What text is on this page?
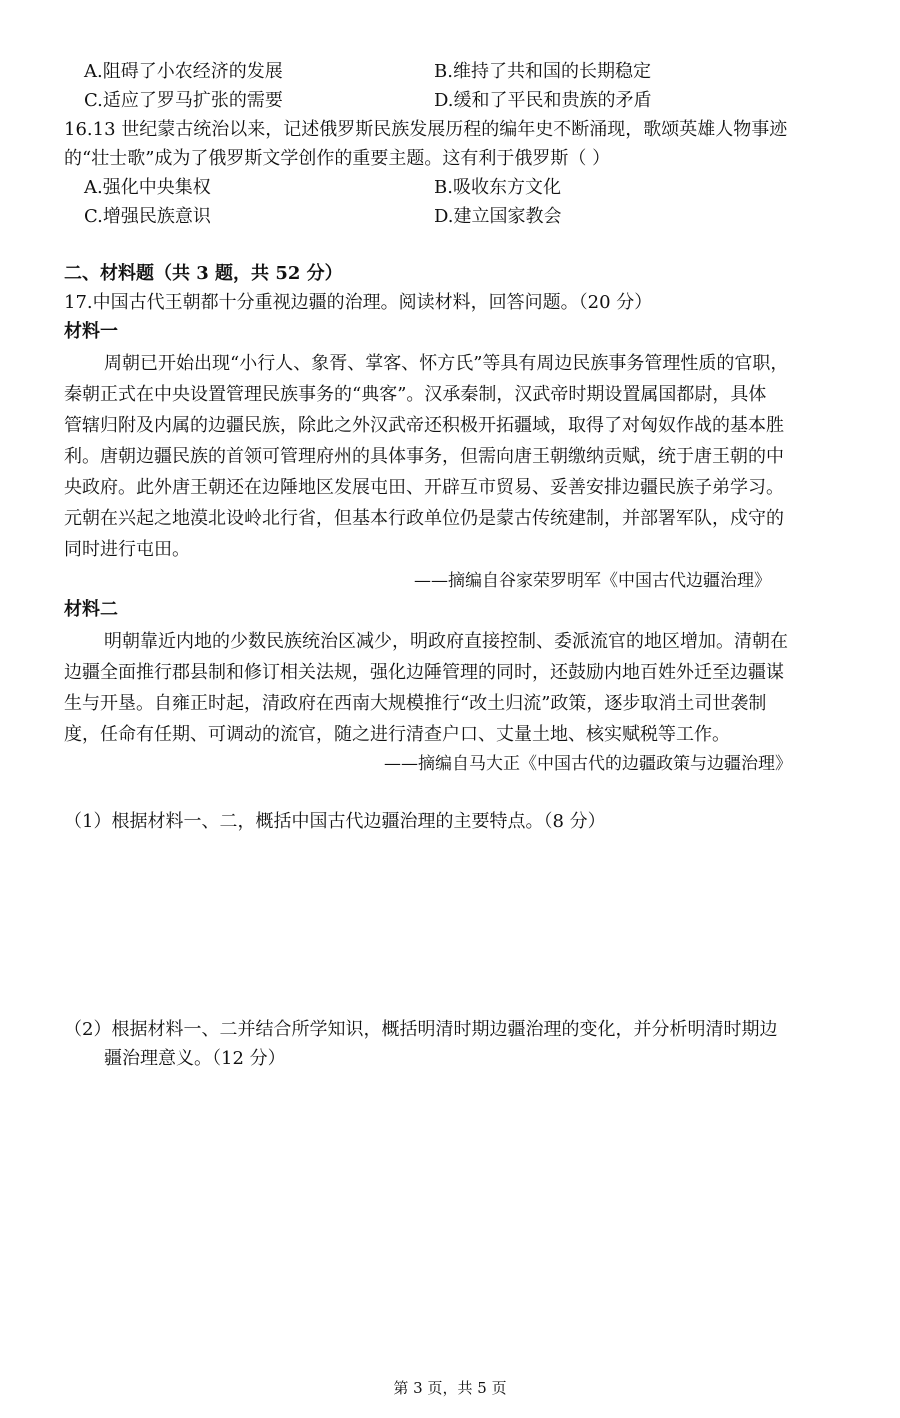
A.阻碍了小农经济的发展	B.维持了共和国的长期稳定
C.适应了罗马扩张的需要	D.缓和了平民和贵族的矛盾
16.13 世纪蒙古统治以来，记述俄罗斯民族发展历程的编年史不断涌现，歌颂英雄人物事迹
的“壮士歌”成为了俄罗斯文学创作的重要主题。这有利于俄罗斯（ ）
A.强化中央集权	B.吸收东方文化
C.增强民族意识	D.建立国家教会
二、材料题（共 3 题，共 52 分）
17.中国古代王朝都十分重视边疆的治理。阅读材料，回答问题。（20 分）
材料一
周朝已开始出现“小行人、象胥、掌客、怀方氏”等具有周边民族事务管理性质的官职，
秦朝正式在中央设置管理民族事务的“典客”。汉承秦制，汉武帝时期设置属国都尉，具体
管辖归附及内属的边疆民族，除此之外汉武帝还积极开拓疆域，取得了对匈奴作战的基本胜
利。唐朝边疆民族的首领可管理府州的具体事务，但需向唐王朝缴纳贡赋，统于唐王朝的中
央政府。此外唐王朝还在边陲地区发展屯田、开辟互市贸易、妥善安排边疆民族子弟学习。
元朝在兴起之地漠北设岭北行省，但基本行政单位仍是蒙古传统建制，并部署军队，戍守的
同时进行屯田。
——摘编自谷家荣罗明军《中国古代边疆治理》
材料二
明朝靠近内地的少数民族统治区减少，明政府直接控制、委派流官的地区增加。清朝在
边疆全面推行郡县制和修订相关法规，强化边陲管理的同时，还鼓励内地百姓外迁至边疆谋
生与开垦。自雍正时起，清政府在西南大规模推行“改土归流”政策，逐步取消土司世袭制
度，任命有任期、可调动的流官，随之进行清查户口、丈量土地、核实赋税等工作。
——摘编自马大正《中国古代的边疆政策与边疆治理》
（1）根据材料一、二，概括中国古代边疆治理的主要特点。（8 分）
（2）根据材料一、二并结合所学知识，概括明清时期边疆治理的变化，并分析明清时期边
疆治理意义。（12 分）
第 3 页，共 5 页
